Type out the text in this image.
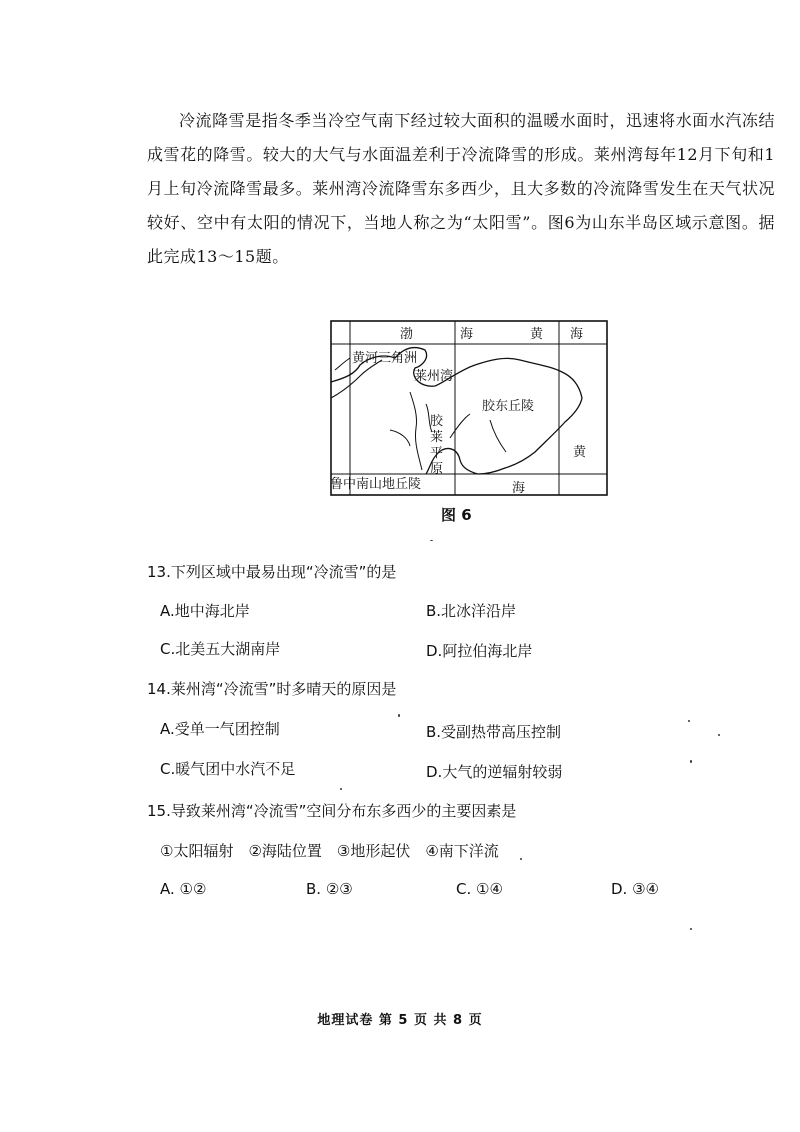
冷流降雪是指冬季当冷空气南下经过较大面积的温暖水面时，迅速将水面水汽冻结成雪花的降雪。较大的大气与水面温差利于冷流降雪的形成。莱州湾每年12月下旬和1月上旬冷流降雪最多。莱州湾冷流降雪东多西少，且大多数的冷流降雪发生在天气状况较好、空中有太阳的情况下，当地人称之为“太阳雪”。图6为山东半岛区域示意图。据此完成13～15题。
渤	海	黄 海
黄河三角洲
莱州湾
胶东丘陵
胶
莱
平
原
黄
鲁中南山地丘陵	海
图 6
13.下列区域中最易出现“冷流雪”的是
A.地中海北岸	B.北冰洋沿岸
C.北美五大湖南岸	D.阿拉伯海北岸
14.莱州湾“冷流雪”时多晴天的原因是
A.受单一气团控制	B.受副热带高压控制
C.暖气团中水汽不足	D.大气的逆辐射较弱
15.导致莱州湾“冷流雪”空间分布东多西少的主要因素是
①太阳辐射　②海陆位置　③地形起伏　④南下洋流
A. ①②	B. ②③	C. ①④	D. ③④
地理试卷 第 5 页 共 8 页
